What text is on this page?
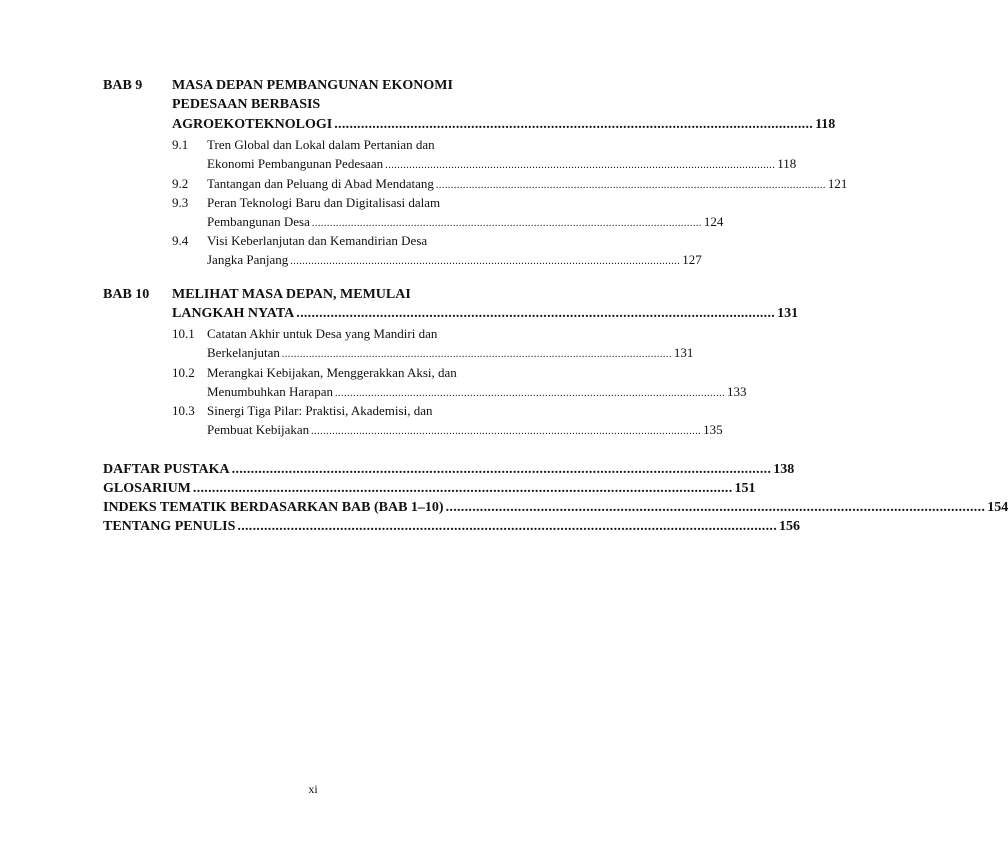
BAB 9 MASA DEPAN PEMBANGUNAN EKONOMI
PEDESAAN BERBASIS
AGROEKOTEKNOLOGI .............................................................................................................................. 118
9.1 Tren Global dan Lokal dalam Pertanian dan
Ekonomi Pembangunan Pedesaan .................................................................................................................................. 118
9.2 Tantangan dan Peluang di Abad Mendatang .................................................................................................................................. 121
9.3 Peran Teknologi Baru dan Digitalisasi dalam
Pembangunan Desa .................................................................................................................................. 124
9.4 Visi Keberlanjutan dan Kemandirian Desa
Jangka Panjang .................................................................................................................................. 127
BAB 10 MELIHAT MASA DEPAN, MEMULAI
LANGKAH NYATA .............................................................................................................................. 131
10.1 Catatan Akhir untuk Desa yang Mandiri dan
Berkelanjutan .................................................................................................................................. 131
10.2 Merangkai Kebijakan, Menggerakkan Aksi, dan
Menumbuhkan Harapan .................................................................................................................................. 133
10.3 Sinergi Tiga Pilar: Praktisi, Akademisi, dan
Pembuat Kebijakan .................................................................................................................................. 135
DAFTAR PUSTAKA .............................................................................................................................................. 138
GLOSARIUM .............................................................................................................................................. 151
INDEKS TEMATIK BERDASARKAN BAB (BAB 1–10) .............................................................................................................................................. 154
TENTANG PENULIS .............................................................................................................................................. 156
xi
